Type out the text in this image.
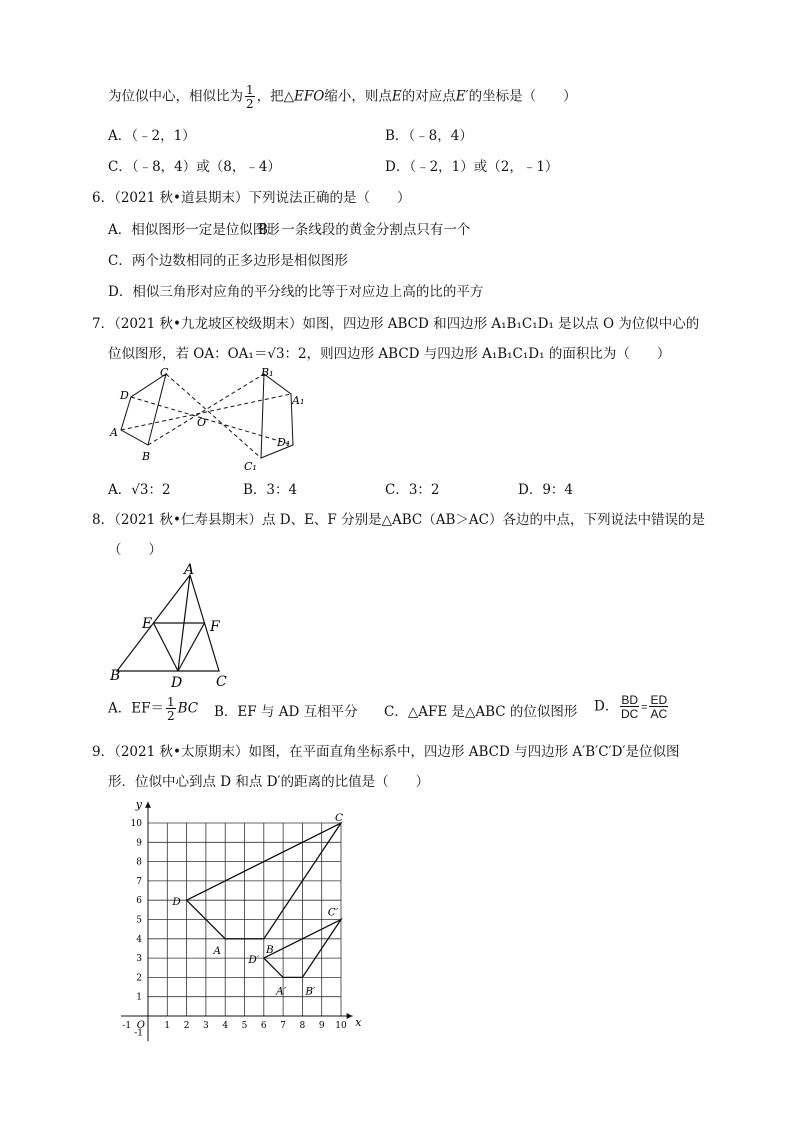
为位似中心，相似比为 $\frac{1}{2}$ ，把△EFO缩小，则点E的对应点E′的坐标是（　　）
A．（﹣2，1）	B．（﹣8，4）
C．（﹣8，4）或（8，﹣4）	D．（﹣2，1）或（2，﹣1）
6．（2021 秋•道县期末）下列说法正确的是（　　）
A．相似图形一定是位似图形
B．一条线段的黄金分割点只有一个
C．两个边数相同的正多边形是相似图形
D．相似三角形对应角的平分线的比等于对应边上高的比的平方
7．（2021 秋•九龙坡区校级期末）如图，四边形 ABCD 和四边形 A₁B₁C₁D₁ 是以点 O 为位似中心的
位似图形，若 OA：OA₁＝√3：2，则四边形 ABCD 与四边形 A₁B₁C₁D₁ 的面积比为（　　）
A
B
C
D
O
A₁
B₁
C₁
D₁
A．√3：2	B．3：4	C．3：2	D．9：4
8．（2021 秋•仁寿县期末）点 D、E、F 分别是△ABC（AB＞AC）各边的中点，下列说法中错误的是
（　　）
A
B	C
D
E	F
A．$EF= \frac{1}{2}$ BC B．EF 与 AD 互相平分 C．△AFE 是△ABC 的位似图形 D． $\frac{BD}{DC} = \frac{ED}{AC}$
9．（2021 秋•太原期末）如图，在平面直角坐标系中，四边形 ABCD 与四边形 A′B′C′D′是位似图
形．位似中心到点 D 和点 D′的距离的比值是（　　）
1 2 3 4 5 6 7 8 9 10
1
2
3
4
5
6
7
8
9
10
x
y
O
-1
-1
A	B
C
D
A′ B′
C′
D′
